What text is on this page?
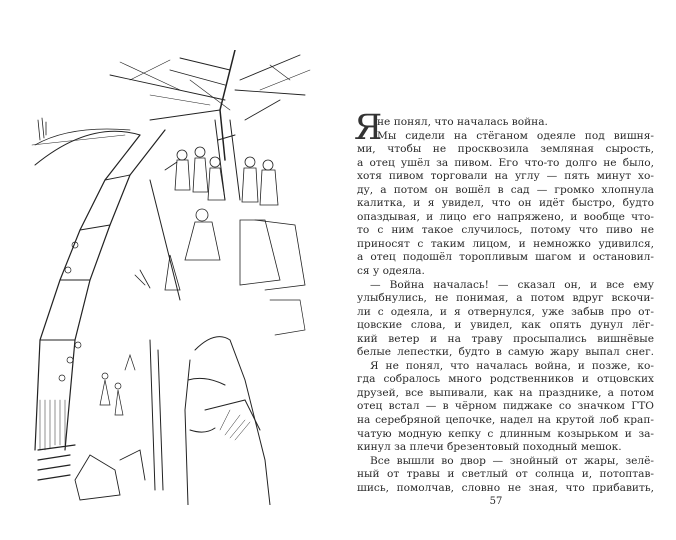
Я
не понял, что началась война.
Мы сидели на стёганом одеяле под вишня-
ми, чтобы не просквозила земляная сырость,
а отец ушёл за пивом. Его что-то долго не было,
хотя пивом торговали на углу — пять минут хо-
ду, а потом он вошёл в сад — громко хлопнула
калитка, и я увидел, что он идёт быстро, будто
опаздывая, и лицо его напряжено, и вообще что-
то с ним такое случилось, потому что пиво не
приносят с таким лицом, и немножко удивился,
а отец подошёл торопливым шагом и остановил-
ся у одеяла.
— Война началась! — сказал он, и все ему
улыбнулись, не понимая, а потом вдруг вскочи-
ли с одеяла, и я отвернулся, уже забыв про от-
цовские слова, и увидел, как опять дунул лёг-
кий ветер и на траву просыпались вишнёвые
белые лепестки, будто в самую жару выпал снег.
Я не понял, что началась война, и позже, ко-
гда собралось много родственников и отцовских
друзей, все выпивали, как на празднике, а потом
отец встал — в чёрном пиджаке со значком ГТО
на серебряной цепочке, надел на крутой лоб крап-
чатую модную кепку с длинным козырьком и за-
кинул за плечи брезентовый походный мешок.
Все вышли во двор — знойный от жары, зелё-
ный от травы и светлый от солнца и, потоптав-
шись, помолчав, словно не зная, что прибавить,
57
